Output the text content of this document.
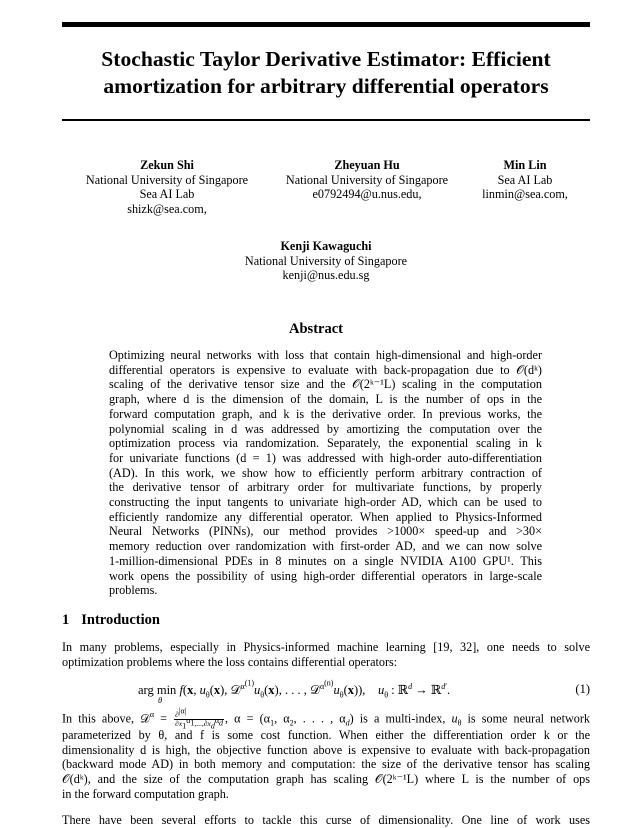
Stochastic Taylor Derivative Estimator: Efficient
amortization for arbitrary differential operators
Zekun Shi
National University of Singapore
Sea AI Lab
shizk@sea.com,
Zheyuan Hu
National University of Singapore
e0792494@u.nus.edu,
Min Lin
Sea AI Lab
linmin@sea.com,
Kenji Kawaguchi
National University of Singapore
kenji@nus.edu.sg
Abstract
Optimizing neural networks with loss that contain high-dimensional and high-order
differential operators is expensive to evaluate with back-propagation due to 𝒪(dᵏ)
scaling of the derivative tensor size and the 𝒪(2ᵏ⁻¹L) scaling in the computation
graph, where d is the dimension of the domain, L is the number of ops in the
forward computation graph, and k is the derivative order. In previous works, the
polynomial scaling in d was addressed by amortizing the computation over the
optimization process via randomization. Separately, the exponential scaling in k
for univariate functions (d = 1) was addressed with high-order auto-differentiation
(AD). In this work, we show how to efficiently perform arbitrary contraction of
the derivative tensor of arbitrary order for multivariate functions, by properly
constructing the input tangents to univariate high-order AD, which can be used to
efficiently randomize any differential operator. When applied to Physics-Informed
Neural Networks (PINNs), our method provides >1000× speed-up and >30×
memory reduction over randomization with first-order AD, and we can now solve
1-million-dimensional PDEs in 8 minutes on a single NVIDIA A100 GPU¹. This
work opens the possibility of using high-order differential operators in large-scale
problems.
1 Introduction
In many problems, especially in Physics-informed machine learning [19, 32], one needs to solve
optimization problems where the loss contains differential operators:
arg min
θ
f(x, $u_\theta(x)$, $𝒟^{\alpha^{(1)}}u_\theta(x)$, . . . , $𝒟^{\alpha^{(n)}}u_\theta(x)$),    $u_\theta$ : ℝ$^d$ → ℝ$^{d'}$.	(1)
In this above, 𝒟$^\alpha$ = $\frac{\partial^{|\alpha|}}{\partial x_1^{\alpha_1},...,\partial x_d^{\alpha_d}}$ , $\alpha = (\alpha_1$, $\alpha_2$, . . . , $\alpha_d$) is a multi-index, $u_\theta$ is some neural network
parameterized by θ, and f is some cost function. When either the differentiation order k or the
dimensionality d is high, the objective function above is expensive to evaluate with back-propagation
(backward mode AD) in both memory and computation: the size of the derivative tensor has scaling
𝒪(dᵏ), and the size of the computation graph has scaling 𝒪(2ᵏ⁻¹L) where L is the number of ops
in the forward computation graph.
There have been several efforts to tackle this curse of dimensionality. One line of work uses
